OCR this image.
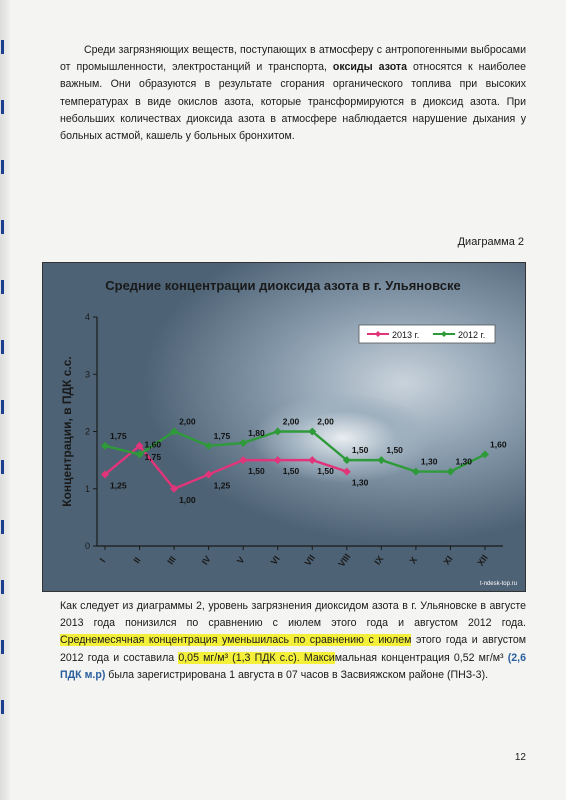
Среди загрязняющих веществ, поступающих в атмосферу с антропогенными выбросами от промышленности, электростанций и транспорта, оксиды азота относятся к наиболее важным. Они образуются в результате сгорания органического топлива при высоких температурах в виде окислов азота, которые трансформируются в диоксид азота. При небольших количествах диоксида азота в атмосфере наблюдается нарушение дыхания у больных астмой, кашель у больных бронхитом.

Диаграмма 2
Средние концентрации диоксида азота в г. Ульяновске
0
1
2
3
4
Концентрации, в ПДК с.с.
I	II	III IV V VI VII VIII IX X XI XII
1,25
1,75
1,00
1,25
1,50 1,50 1,50
1,30
1,75
1,60
2,00
1,75 1,80
2,00 2,00
1,50 1,50
1,30 1,30
1,60
2013 г.	2012 г.
t-ndesk-top.ru

Как следует из диаграммы 2, уровень загрязнения диоксидом азота в г. Ульяновске в августе 2013 года понизился по сравнению с июлем этого года и августом 2012 года. Среднемесячная концентрация уменьшилась по сравнению с июлем этого года и августом 2012 года и составила 0,05 мг/м³ (1,3 ПДК с.с). Максимальная концентрация 0,52 мг/м³ (2,6 ПДК м.р) была зарегистрирована 1 августа в 07 часов в Засвияжском районе (ПНЗ-3).

12
